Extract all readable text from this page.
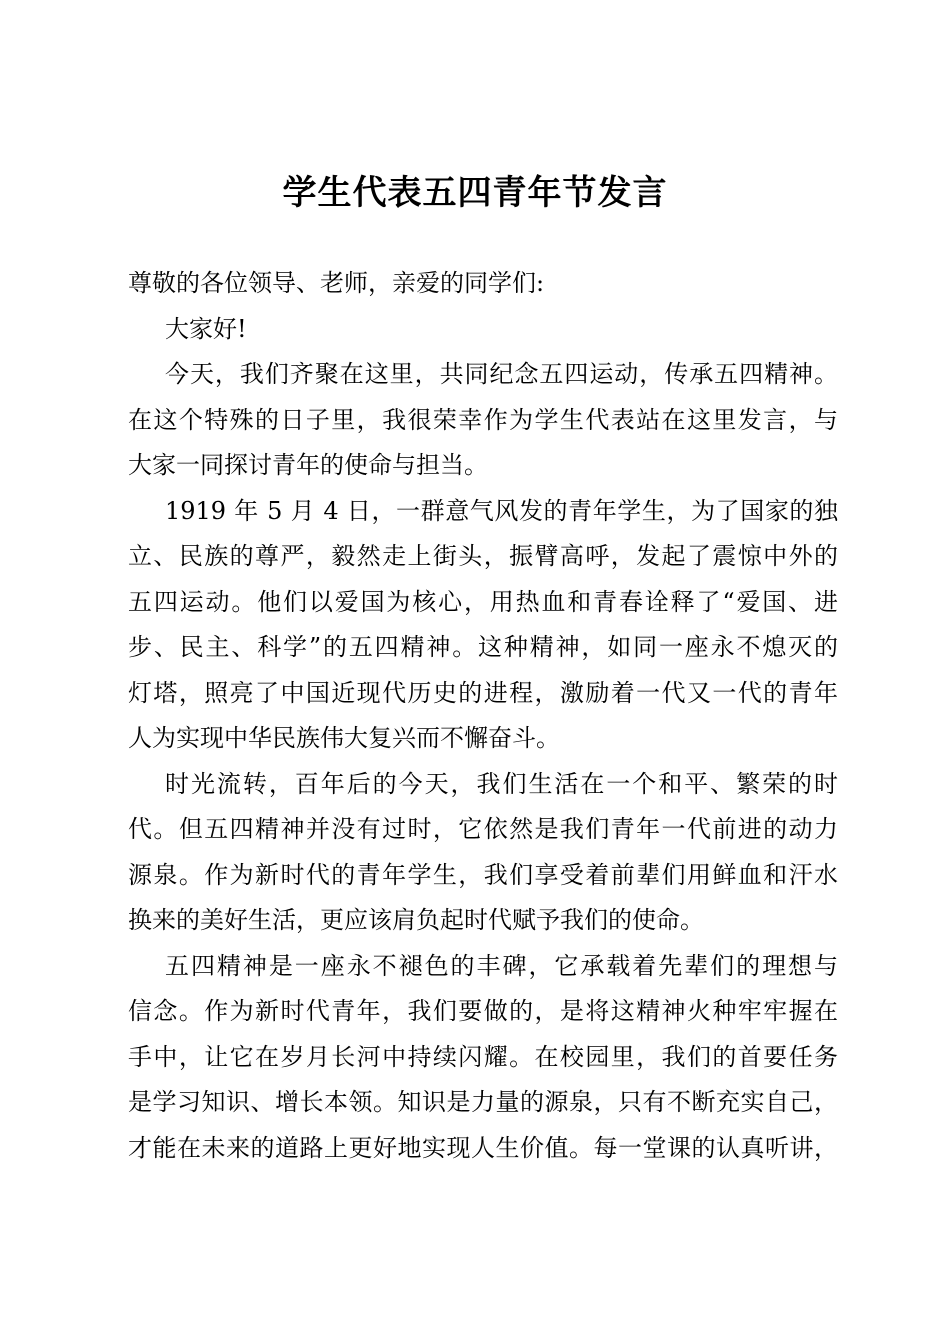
学生代表五四青年节发言
尊敬的各位领导、老师，亲爱的同学们:
大家好!
今天，我们齐聚在这里，共同纪念五四运动，传承五四精神。
在这个特殊的日子里，我很荣幸作为学生代表站在这里发言，与
大家一同探讨青年的使命与担当。
1919 年 5 月 4 日，一群意气风发的青年学生，为了国家的独
立、民族的尊严，毅然走上街头，振臂高呼，发起了震惊中外的
五四运动。他们以爱国为核心，用热血和青春诠释了“爱国、进
步、民主、科学”的五四精神。这种精神，如同一座永不熄灭的
灯塔，照亮了中国近现代历史的进程，激励着一代又一代的青年
人为实现中华民族伟大复兴而不懈奋斗。
时光流转，百年后的今天，我们生活在一个和平、繁荣的时
代。但五四精神并没有过时，它依然是我们青年一代前进的动力
源泉。作为新时代的青年学生，我们享受着前辈们用鲜血和汗水
换来的美好生活，更应该肩负起时代赋予我们的使命。
五四精神是一座永不褪色的丰碑，它承载着先辈们的理想与
信念。作为新时代青年，我们要做的，是将这精神火种牢牢握在
手中，让它在岁月长河中持续闪耀。在校园里，我们的首要任务
是学习知识、增长本领。知识是力量的源泉，只有不断充实自己，
才能在未来的道路上更好地实现人生价值。每一堂课的认真听讲，
